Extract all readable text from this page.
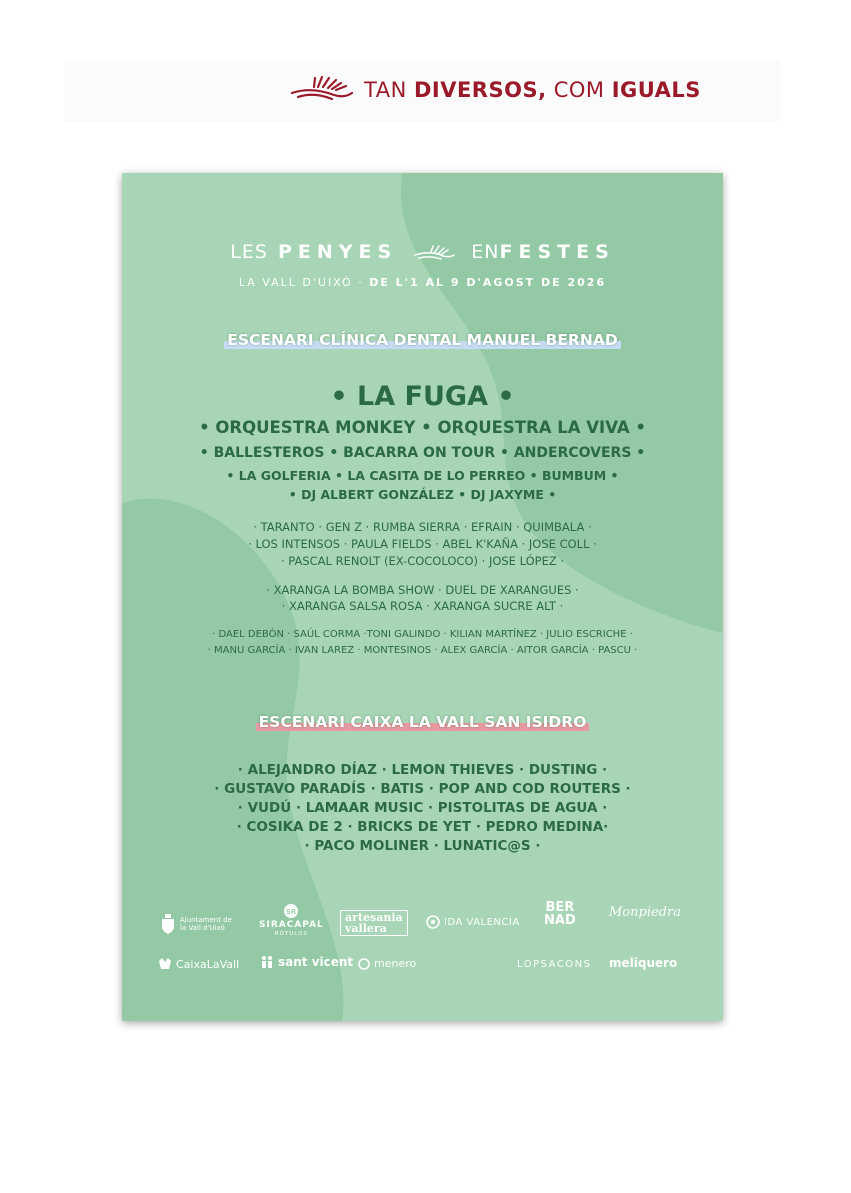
TAN DIVERSOS, COM IGUALS
LES PENYES	ENFESTES
LA VALL D'UIXÓ · DE L'1 AL 9 D'AGOST DE 2026
ESCENARI CLÍNICA DENTAL MANUEL BERNAD
• LA FUGA •
• ORQUESTRA MONKEY • ORQUESTRA LA VIVA •
• BALLESTEROS • BACARRA ON TOUR • ANDERCOVERS •
• LA GOLFERIA • LA CASITA DE LO PERREO • BUMBUM •
• DJ ALBERT GONZÁLEZ • DJ JAXYME •
· TARANTO · GEN Z · RUMBA SIERRA · EFRAIN · QUIMBALA ·
· LOS INTENSOS · PAULA FIELDS · ABEL K'KAÑA · JOSE COLL ·
· PASCAL RENOLT (EX-COCOLOCO) · JOSE LÓPEZ ·
· XARANGA LA BOMBA SHOW · DUEL DE XARANGUES ·
· XARANGA SALSA ROSA · XARANGA SUCRE ALT ·
· DAEL DEBÓN · SAÚL CORMA ·TONI GALINDO · KILIAN MARTÍNEZ · JULIO ESCRICHE ·
· MANU GARCÍA · IVAN LAREZ · MONTESINOS · ALEX GARCÍA · AITOR GARCÍA · PASCU ·
ESCENARI CAIXA LA VALL SAN ISIDRO
· ALEJANDRO DÍAZ · LEMON THIEVES · DUSTING ·
· GUSTAVO PARADÍS · BATIS · POP AND COD ROUTERS ·
· VUDÚ · LAMAAR MUSIC · PISTOLITAS DE AGUA ·
· COSIKA DE 2 · BRICKS DE YET · PEDRO MEDINA·
· PACO MOLINER · LUNATIC@S ·
Ajuntament de
la Vall d'Uixó
SR
SIRACAPAL
RÓTULOS
artesania
vallera	IDA VALENCIA
BER
NAD
Monpiedra
CaixaLaVall	sant vicent menero	LOPSACONS meliquero
